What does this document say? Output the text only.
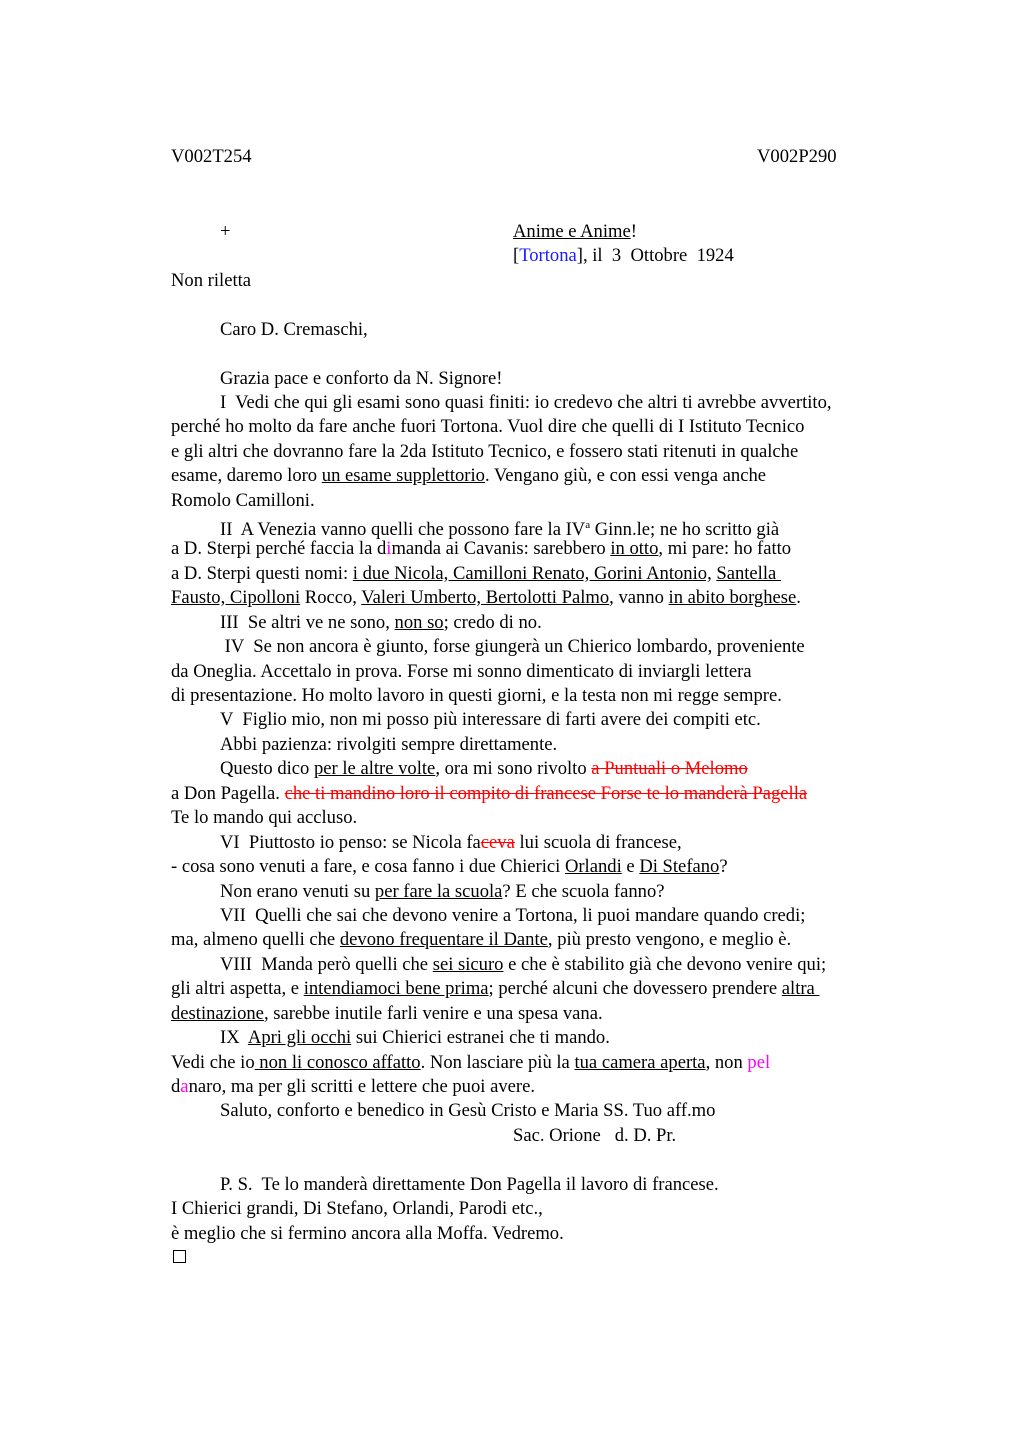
V002T254	V002P290
+	Anime e Anime!
[Tortona], il  3  Ottobre  1924
Non riletta
Caro D. Cremaschi,
Grazia pace e conforto da N. Signore!
I  Vedi che qui gli esami sono quasi finiti: io credevo che altri ti avrebbe avvertito,
perché ho molto da fare anche fuori Tortona. Vuol dire che quelli di I Istituto Tecnico
e gli altri che dovranno fare la 2da Istituto Tecnico, e fossero stati ritenuti in qualche
esame, daremo loro un esame supplettorio. Vengano giù, e con essi venga anche
Romolo Camilloni.
II  A Venezia vanno quelli che possono fare la $IV^a$ Ginn.le; ne ho scritto già
a D. Sterpi perché faccia la dimanda ai Cavanis: sarebbero in otto, mi pare: ho fatto
a D. Sterpi questi nomi: i due Nicola, Camilloni Renato, Gorini Antonio, Santella
Fausto, Cipolloni Rocco, Valeri Umberto, Bertolotti Palmo, vanno in abito borghese.
III  Se altri ve ne sono, non so; credo di no.
IV  Se non ancora è giunto, forse giungerà un Chierico lombardo, proveniente
da Oneglia. Accettalo in prova. Forse mi sonno dimenticato di inviargli lettera
di presentazione. Ho molto lavoro in questi giorni, e la testa non mi regge sempre.
V  Figlio mio, non mi posso più interessare di farti avere dei compiti etc.
Abbi pazienza: rivolgiti sempre direttamente.
Questo dico per le altre volte, ora mi sono rivolto a Puntuali o Melomo
a Don Pagella. che ti mandino loro il compito di francese Forse te lo manderà Pagella
Te lo mando qui accluso.
VI  Piuttosto io penso: se Nicola faceva lui scuola di francese,
- cosa sono venuti a fare, e cosa fanno i due Chierici Orlandi e Di Stefano?
Non erano venuti su per fare la scuola? E che scuola fanno?
VII  Quelli che sai che devono venire a Tortona, li puoi mandare quando credi;
ma, almeno quelli che devono frequentare il Dante, più presto vengono, e meglio è.
VIII  Manda però quelli che sei sicuro e che è stabilito già che devono venire qui;
gli altri aspetta, e intendiamoci bene prima; perché alcuni che dovessero prendere altra
destinazione, sarebbe inutile farli venire e una spesa vana.
IX  Apri gli occhi sui Chierici estranei che ti mando.
Vedi che io non li conosco affatto. Non lasciare più la tua camera aperta, non pel
danaro, ma per gli scritti e lettere che puoi avere.
Saluto, conforto e benedico in Gesù Cristo e Maria SS. Tuo aff.mo
Sac. Orione   d. D. Pr.
P. S.  Te lo manderà direttamente Don Pagella il lavoro di francese.
I Chierici grandi, Di Stefano, Orlandi, Parodi etc.,
è meglio che si fermino ancora alla Moffa. Vedremo.
